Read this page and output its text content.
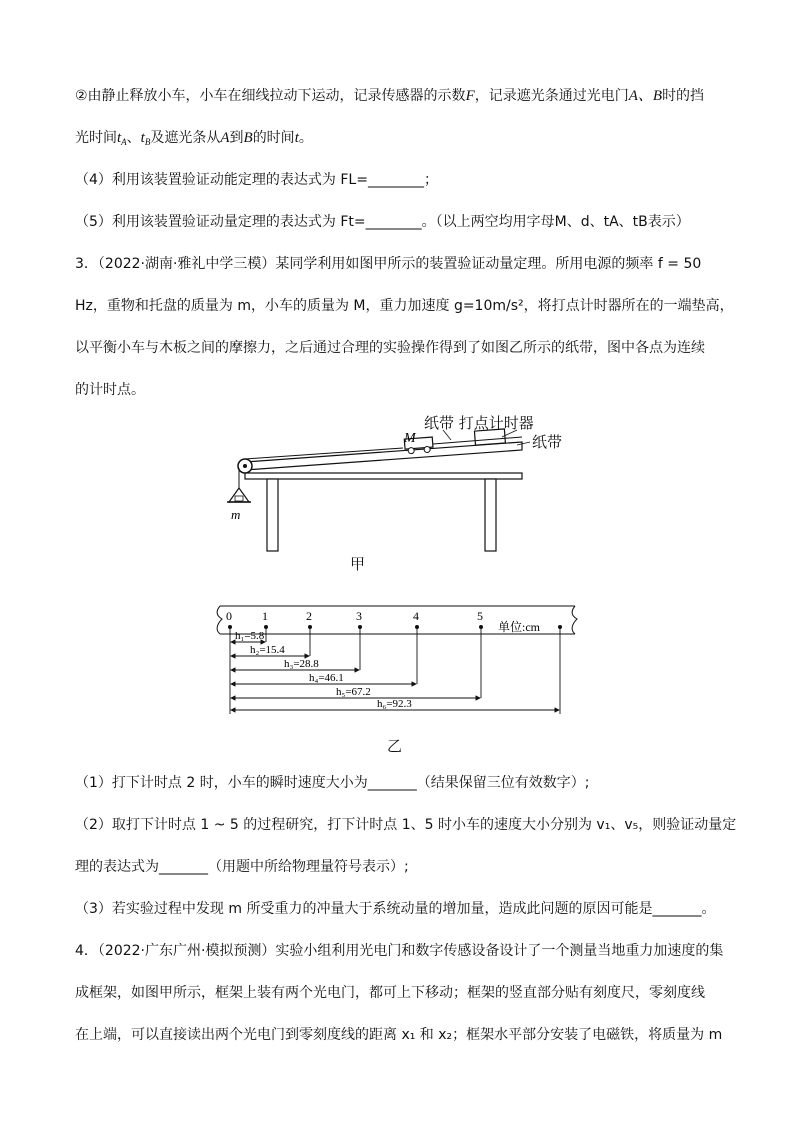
②由静止释放小车，小车在细线拉动下运动，记录传感器的示数F，记录遮光条通过光电门A、B时的挡
光时间$t_A$、$t_B$及遮光条从A到B的时间t。
（4）利用该装置验证动能定理的表达式为 FL=________；
（5）利用该装置验证动量定理的表达式为 Ft=________。（以上两空均用字母M、d、tA、tB表示）
3．（2022·湖南·雅礼中学三模）某同学利用如图甲所示的装置验证动量定理。所用电源的频率 f = 50
Hz，重物和托盘的质量为 m，小车的质量为 M，重力加速度 g=10m/s²，将打点计时器所在的一端垫高，
以平衡小车与木板之间的摩擦力，之后通过合理的实验操作得到了如图乙所示的纸带，图中各点为连续
的计时点。
m
M
纸带 打点计时器
纸带
甲
0	1	2	3	4	5
单位:cm
h₁=5.8
h₂=15.4
h₃=28.8
h₄=46.1
h₅=67.2
h₆=92.3
乙
（1）打下计时点 2 时，小车的瞬时速度大小为_______（结果保留三位有效数字）;
（2）取打下计时点 1 ~ 5 的过程研究，打下计时点 1、5 时小车的速度大小分别为 v₁、v₅，则验证动量定
理的表达式为_______（用题中所给物理量符号表示）;
（3）若实验过程中发现 m 所受重力的冲量大于系统动量的增加量，造成此问题的原因可能是_______。
4．（2022·广东广州·模拟预测）实验小组利用光电门和数字传感设备设计了一个测量当地重力加速度的集
成框架，如图甲所示，框架上装有两个光电门，都可上下移动；框架的竖直部分贴有刻度尺，零刻度线
在上端，可以直接读出两个光电门到零刻度线的距离 x₁ 和 x₂；框架水平部分安装了电磁铁，将质量为 m
